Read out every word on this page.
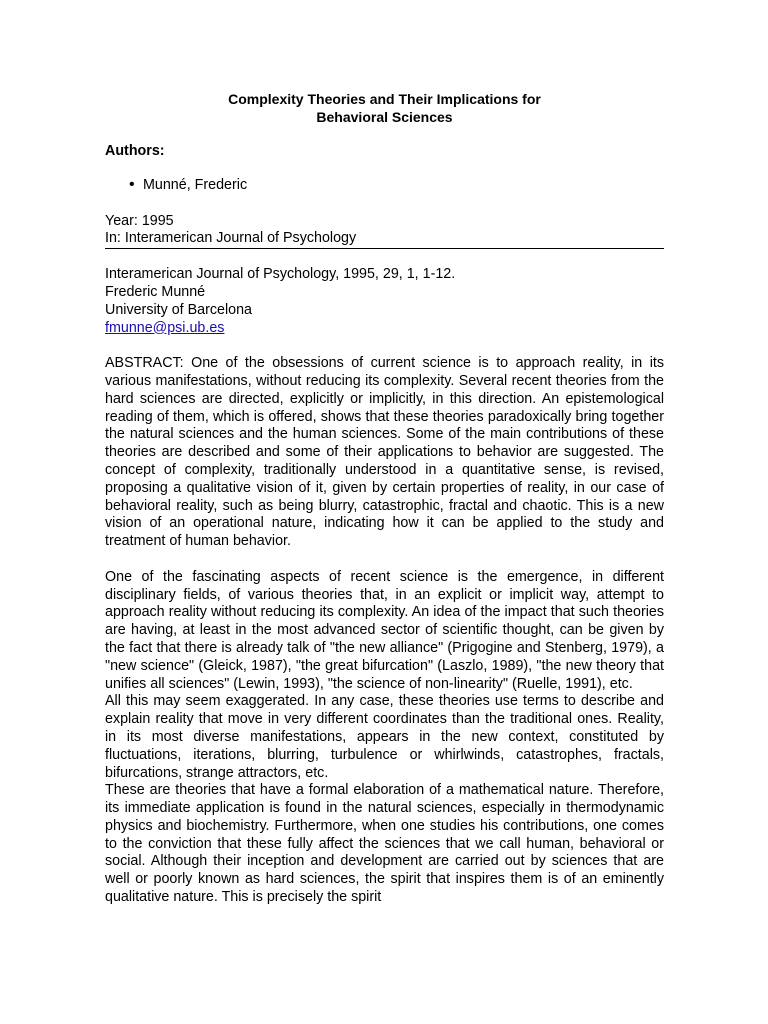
Complexity Theories and Their Implications for
Behavioral Sciences
Authors:
• Munné, Frederic
Year: 1995
In: Interamerican Journal of Psychology
Interamerican Journal of Psychology, 1995, 29, 1, 1-12.
Frederic Munné
University of Barcelona
fmunne@psi.ub.es

ABSTRACT: One of the obsessions of current science is to approach reality, in its various manifestations, without reducing its complexity. Several recent theories from the hard sciences are directed, explicitly or implicitly, in this direction. An epistemological reading of them, which is offered, shows that these theories paradoxically bring together the natural sciences and the human sciences. Some of the main contributions of these theories are described and some of their applications to behavior are suggested. The concept of complexity, traditionally understood in a quantitative sense, is revised, proposing a qualitative vision of it, given by certain properties of reality, in our case of behavioral reality, such as being blurry, catastrophic, fractal and chaotic. This is a new vision of an operational nature, indicating how it can be applied to the study and treatment of human behavior.

One of the fascinating aspects of recent science is the emergence, in different disciplinary fields, of various theories that, in an explicit or implicit way, attempt to approach reality without reducing its complexity. An idea of the impact that such theories are having, at least in the most advanced sector of scientific thought, can be given by the fact that there is already talk of "the new alliance" (Prigogine and Stenberg, 1979), a "new science" (Gleick, 1987), "the great bifurcation" (Laszlo, 1989), "the new theory that unifies all sciences" (Lewin, 1993), "the science of non-linearity" (Ruelle, 1991), etc.

All this may seem exaggerated. In any case, these theories use terms to describe and explain reality that move in very different coordinates than the traditional ones. Reality, in its most diverse manifestations, appears in the new context, constituted by fluctuations, iterations, blurring, turbulence or whirlwinds, catastrophes, fractals, bifurcations, strange attractors, etc.

These are theories that have a formal elaboration of a mathematical nature. Therefore, its immediate application is found in the natural sciences, especially in thermodynamic physics and biochemistry. Furthermore, when one studies his contributions, one comes to the conviction that these fully affect the sciences that we call human, behavioral or social. Although their inception and development are carried out by sciences that are well or poorly known as hard sciences, the spirit that inspires them is of an eminently qualitative nature. This is precisely the spirit
